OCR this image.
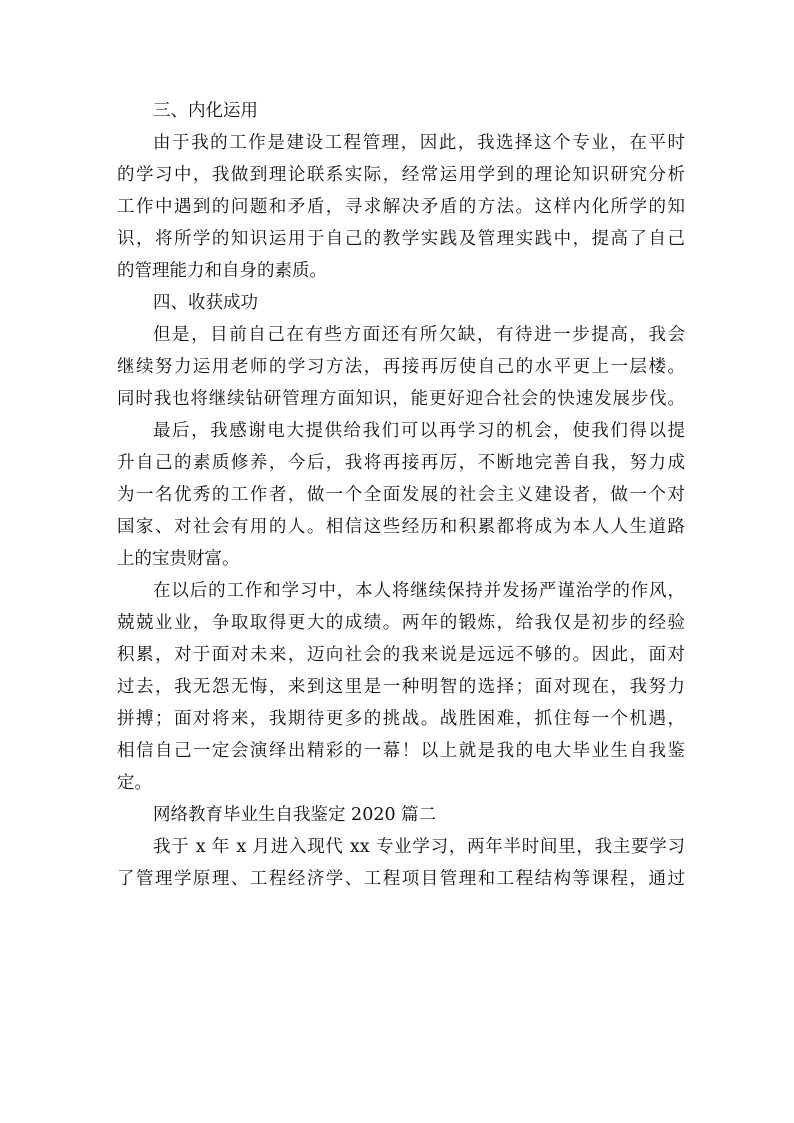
三、内化运用
由于我的工作是建设工程管理，因此，我选择这个专业，在平时
的学习中，我做到理论联系实际，经常运用学到的理论知识研究分析
工作中遇到的问题和矛盾，寻求解决矛盾的方法。这样内化所学的知
识，将所学的知识运用于自己的教学实践及管理实践中，提高了自己
的管理能力和自身的素质。
四、收获成功
但是，目前自己在有些方面还有所欠缺，有待进一步提高，我会
继续努力运用老师的学习方法，再接再厉使自己的水平更上一层楼。
同时我也将继续钻研管理方面知识，能更好迎合社会的快速发展步伐。
最后，我感谢电大提供给我们可以再学习的机会，使我们得以提
升自己的素质修养，今后，我将再接再厉，不断地完善自我，努力成
为一名优秀的工作者，做一个全面发展的社会主义建设者，做一个对
国家、对社会有用的人。相信这些经历和积累都将成为本人人生道路
上的宝贵财富。
在以后的工作和学习中，本人将继续保持并发扬严谨治学的作风，
兢兢业业，争取取得更大的成绩。两年的锻炼，给我仅是初步的经验
积累，对于面对未来，迈向社会的我来说是远远不够的。因此，面对
过去，我无怨无悔，来到这里是一种明智的选择；面对现在，我努力
拼搏；面对将来，我期待更多的挑战。战胜困难，抓住每一个机遇，
相信自己一定会演绎出精彩的一幕！以上就是我的电大毕业生自我鉴
定。
网络教育毕业生自我鉴定 2020 篇二
我于 x 年 x 月进入现代 xx 专业学习，两年半时间里，我主要学习
了管理学原理、工程经济学、工程项目管理和工程结构等课程，通过
